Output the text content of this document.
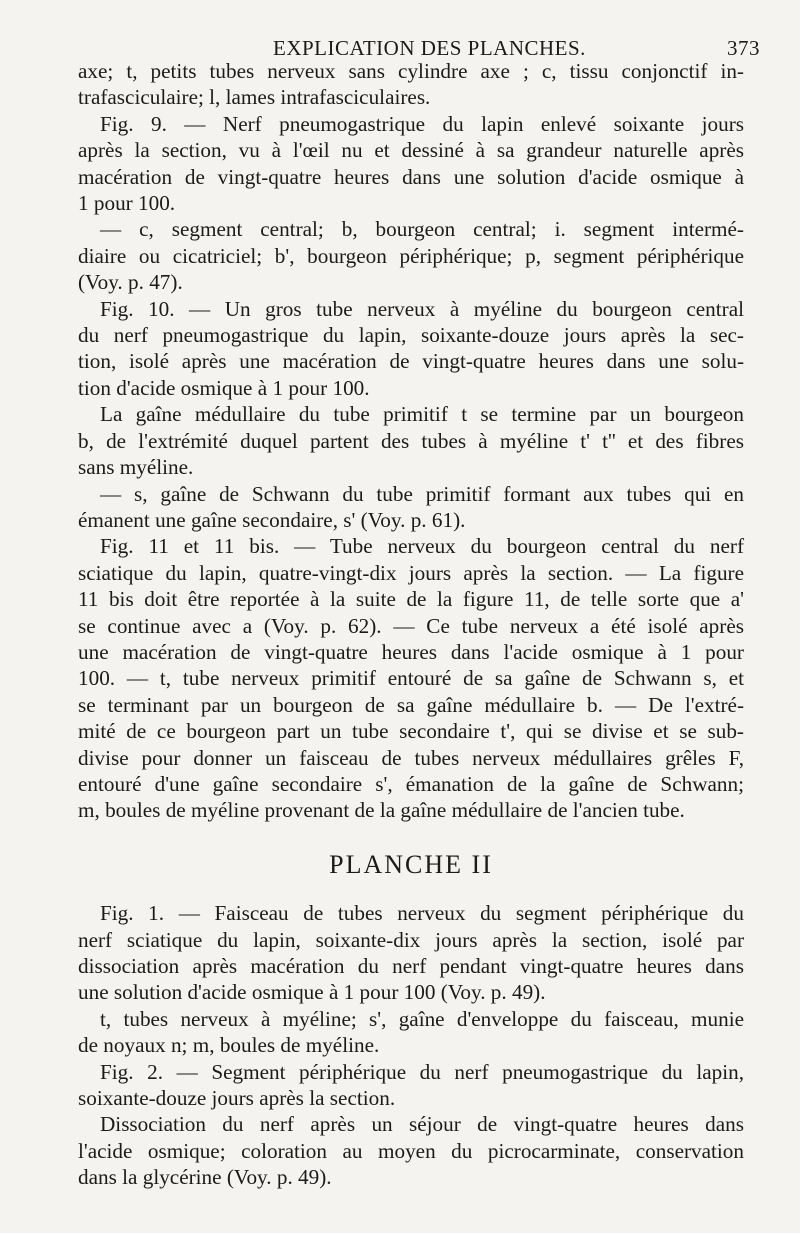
EXPLICATION DES PLANCHES.	373
axe; t, petits tubes nerveux sans cylindre axe ; c, tissu conjonctif in-
trafasciculaire; l, lames intrafasciculaires.
Fig. 9. — Nerf pneumogastrique du lapin enlevé soixante jours
après la section, vu à l'œil nu et dessiné à sa grandeur naturelle après
macération de vingt-quatre heures dans une solution d'acide osmique à
1 pour 100.
— c, segment central; b, bourgeon central; i. segment intermé-
diaire ou cicatriciel; b', bourgeon périphérique; p, segment périphérique
(Voy. p. 47).
Fig. 10. — Un gros tube nerveux à myéline du bourgeon central
du nerf pneumogastrique du lapin, soixante-douze jours après la sec-
tion, isolé après une macération de vingt-quatre heures dans une solu-
tion d'acide osmique à 1 pour 100.
La gaîne médullaire du tube primitif t se termine par un bourgeon
b, de l'extrémité duquel partent des tubes à myéline t' t'' et des fibres
sans myéline.
— s, gaîne de Schwann du tube primitif formant aux tubes qui en
émanent une gaîne secondaire, s' (Voy. p. 61).
Fig. 11 et 11 bis. — Tube nerveux du bourgeon central du nerf
sciatique du lapin, quatre-vingt-dix jours après la section. — La figure
11 bis doit être reportée à la suite de la figure 11, de telle sorte que a'
se continue avec a (Voy. p. 62). — Ce tube nerveux a été isolé après
une macération de vingt-quatre heures dans l'acide osmique à 1 pour
100. — t, tube nerveux primitif entouré de sa gaîne de Schwann s, et
se terminant par un bourgeon de sa gaîne médullaire b. — De l'extré-
mité de ce bourgeon part un tube secondaire t', qui se divise et se sub-
divise pour donner un faisceau de tubes nerveux médullaires grêles F,
entouré d'une gaîne secondaire s', émanation de la gaîne de Schwann;
m, boules de myéline provenant de la gaîne médullaire de l'ancien tube.
PLANCHE II
Fig. 1. — Faisceau de tubes nerveux du segment périphérique du
nerf sciatique du lapin, soixante-dix jours après la section, isolé par
dissociation après macération du nerf pendant vingt-quatre heures dans
une solution d'acide osmique à 1 pour 100 (Voy. p. 49).
t, tubes nerveux à myéline; s', gaîne d'enveloppe du faisceau, munie
de noyaux n; m, boules de myéline.
Fig. 2. — Segment périphérique du nerf pneumogastrique du lapin,
soixante-douze jours après la section.
Dissociation du nerf après un séjour de vingt-quatre heures dans
l'acide osmique; coloration au moyen du picrocarminate, conservation
dans la glycérine (Voy. p. 49).
